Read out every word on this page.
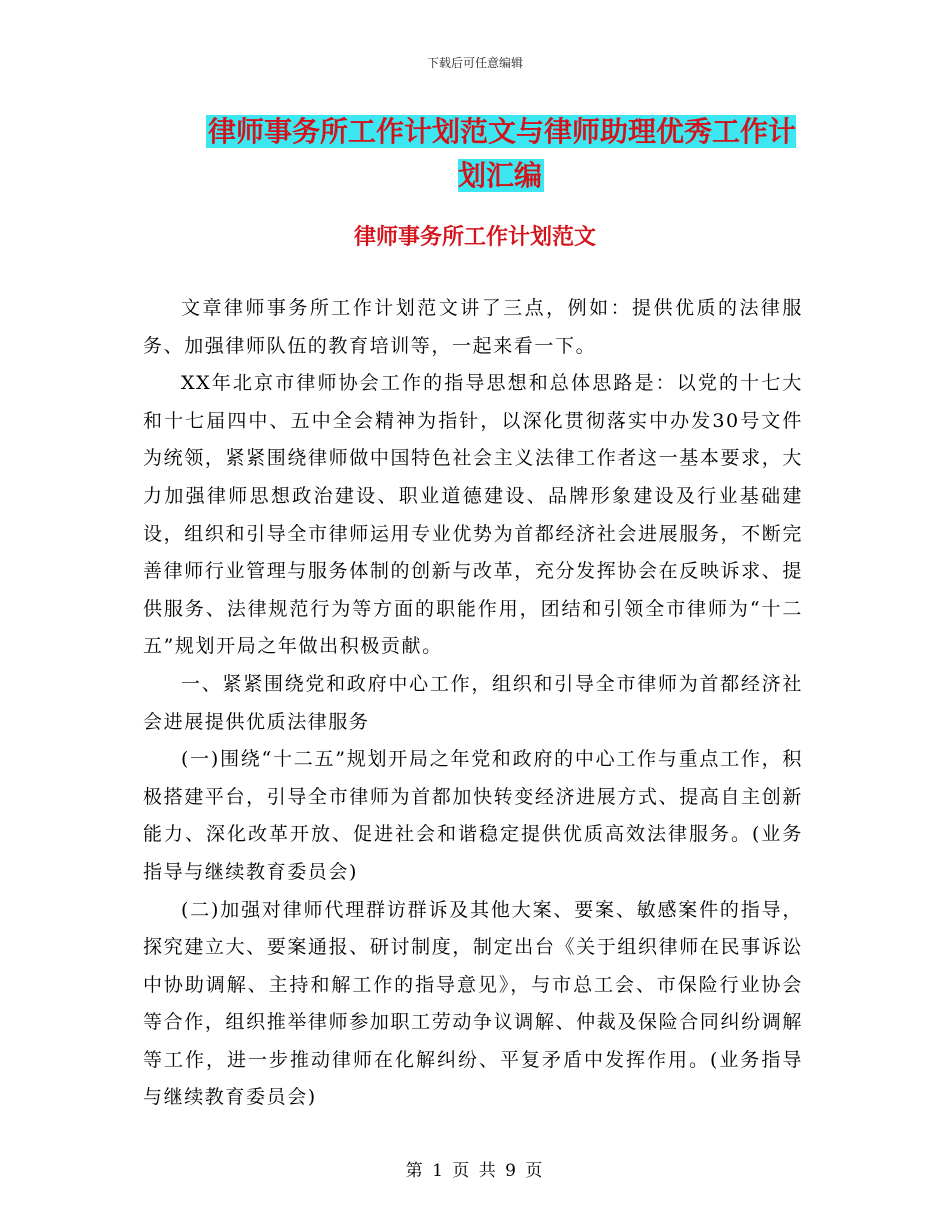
下载后可任意编辑
律师事务所工作计划范文与律师助理优秀工作计划汇编
律师事务所工作计划范文

文章律师事务所工作计划范文讲了三点，例如：提供优质的法律服务、加强律师队伍的教育培训等，一起来看一下。

XX年北京市律师协会工作的指导思想和总体思路是：以党的十七大和十七届四中、五中全会精神为指针，以深化贯彻落实中办发30号文件为统领，紧紧围绕律师做中国特色社会主义法律工作者这一基本要求，大力加强律师思想政治建设、职业道德建设、品牌形象建设及行业基础建设，组织和引导全市律师运用专业优势为首都经济社会进展服务，不断完善律师行业管理与服务体制的创新与改革，充分发挥协会在反映诉求、提供服务、法律规范行为等方面的职能作用，团结和引领全市律师为“十二五”规划开局之年做出积极贡献。

一、紧紧围绕党和政府中心工作，组织和引导全市律师为首都经济社会进展提供优质法律服务

(一)围绕“十二五”规划开局之年党和政府的中心工作与重点工作，积极搭建平台，引导全市律师为首都加快转变经济进展方式、提高自主创新能力、深化改革开放、促进社会和谐稳定提供优质高效法律服务。(业务指导与继续教育委员会)

(二)加强对律师代理群访群诉及其他大案、要案、敏感案件的指导，探究建立大、要案通报、研讨制度，制定出台《关于组织律师在民事诉讼中协助调解、主持和解工作的指导意见》，与市总工会、市保险行业协会等合作，组织推举律师参加职工劳动争议调解、仲裁及保险合同纠纷调解等工作，进一步推动律师在化解纠纷、平复矛盾中发挥作用。(业务指导与继续教育委员会)

第 1 页 共 9 页
